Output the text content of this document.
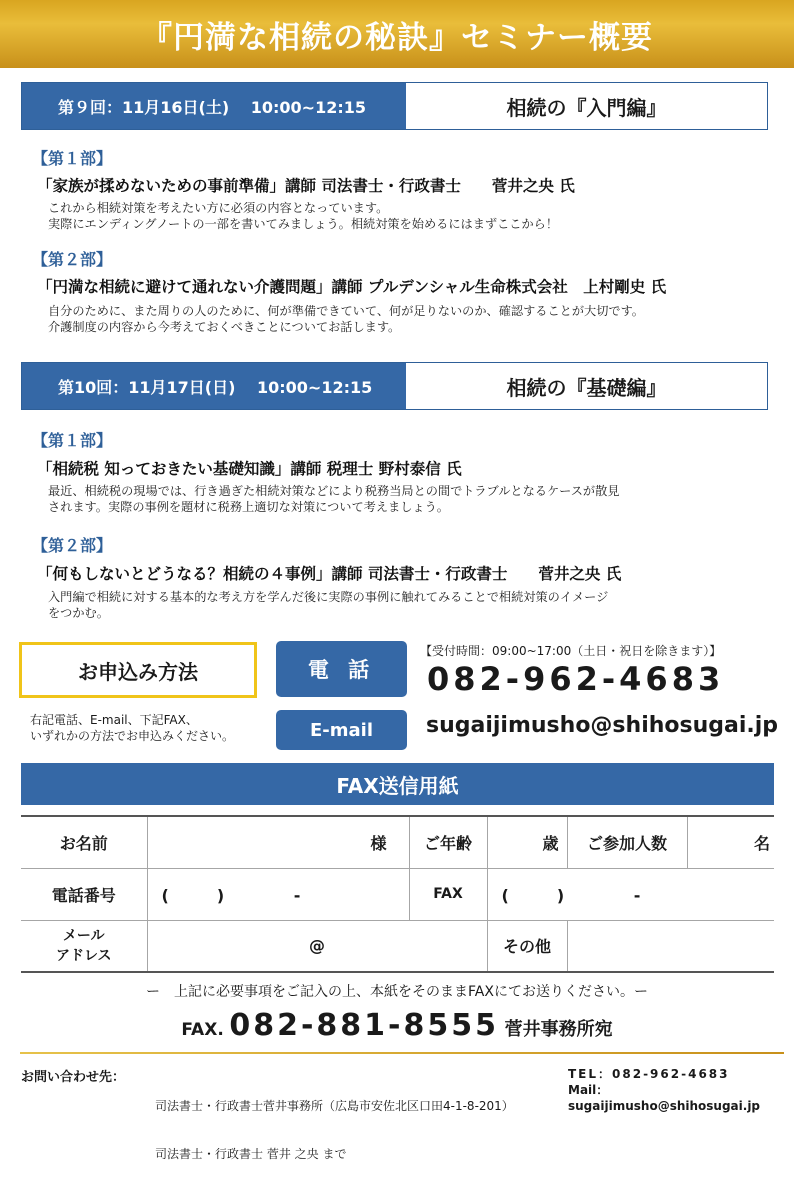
『円満な相続の秘訣』セミナー概要
第９回：11月16日(土)　 10:00~12:15	相続の『入門編』
【第１部】
「家族が揉めないための事前準備」講師 司法書士・行政書士　　菅井之央 氏
これから相続対策を考えたい方に必須の内容となっています。
実際にエンディングノートの一部を書いてみましょう。相続対策を始めるにはまずここから！
【第２部】
「円満な相続に避けて通れない介護問題」講師 プルデンシャル生命株式会社　上村剛史 氏
自分のために、また周りの人のために、何が準備できていて、何が足りないのか、確認することが大切です。
介護制度の内容から今考えておくべきことについてお話します。
第10回：11月17日(日)　 10:00~12:15	相続の『基礎編』
【第１部】
「相続税 知っておきたい基礎知識」講師 税理士 野村泰信 氏
最近、相続税の現場では、行き過ぎた相続対策などにより税務当局との間でトラブルとなるケースが散見
されます。実際の事例を題材に税務上適切な対策について考えましょう。
【第２部】
「何もしないとどうなる？相続の４事例」講師 司法書士・行政書士　　菅井之央 氏
入門編で相続に対する基本的な考え方を学んだ後に実際の事例に触れてみることで相続対策のイメージ
をつかむ。
お申込み方法	電 話
【受付時間：09:00~17:00（土日・祝日を除きます）】
082-962-4683
右記電話、E-mail、下記FAX、
いずれかの方法でお申込みください。	E-mail	sugaijimusho@shihosugai.jp
FAX送信用紙
お名前	様	ご年齢	歳	ご参加人数	名
電話番号	(　　　)　　　　 -	FAX	(　　　)　　　　 -		

メール
アドレス	@		その他		
ー　上記に必要事項をご記入の上、本紙をそのままFAXにてお送りください。ー
FAX. 082-881-8555 菅井事務所宛
お問い合わせ先：

司法書士・行政書士菅井事務所（広島市安佐北区口田4-1-8-201）

司法書士・行政書士 菅井 之央 まで

TEL：082-962-4683
Mail：sugaijimusho@shihosugai.jp
